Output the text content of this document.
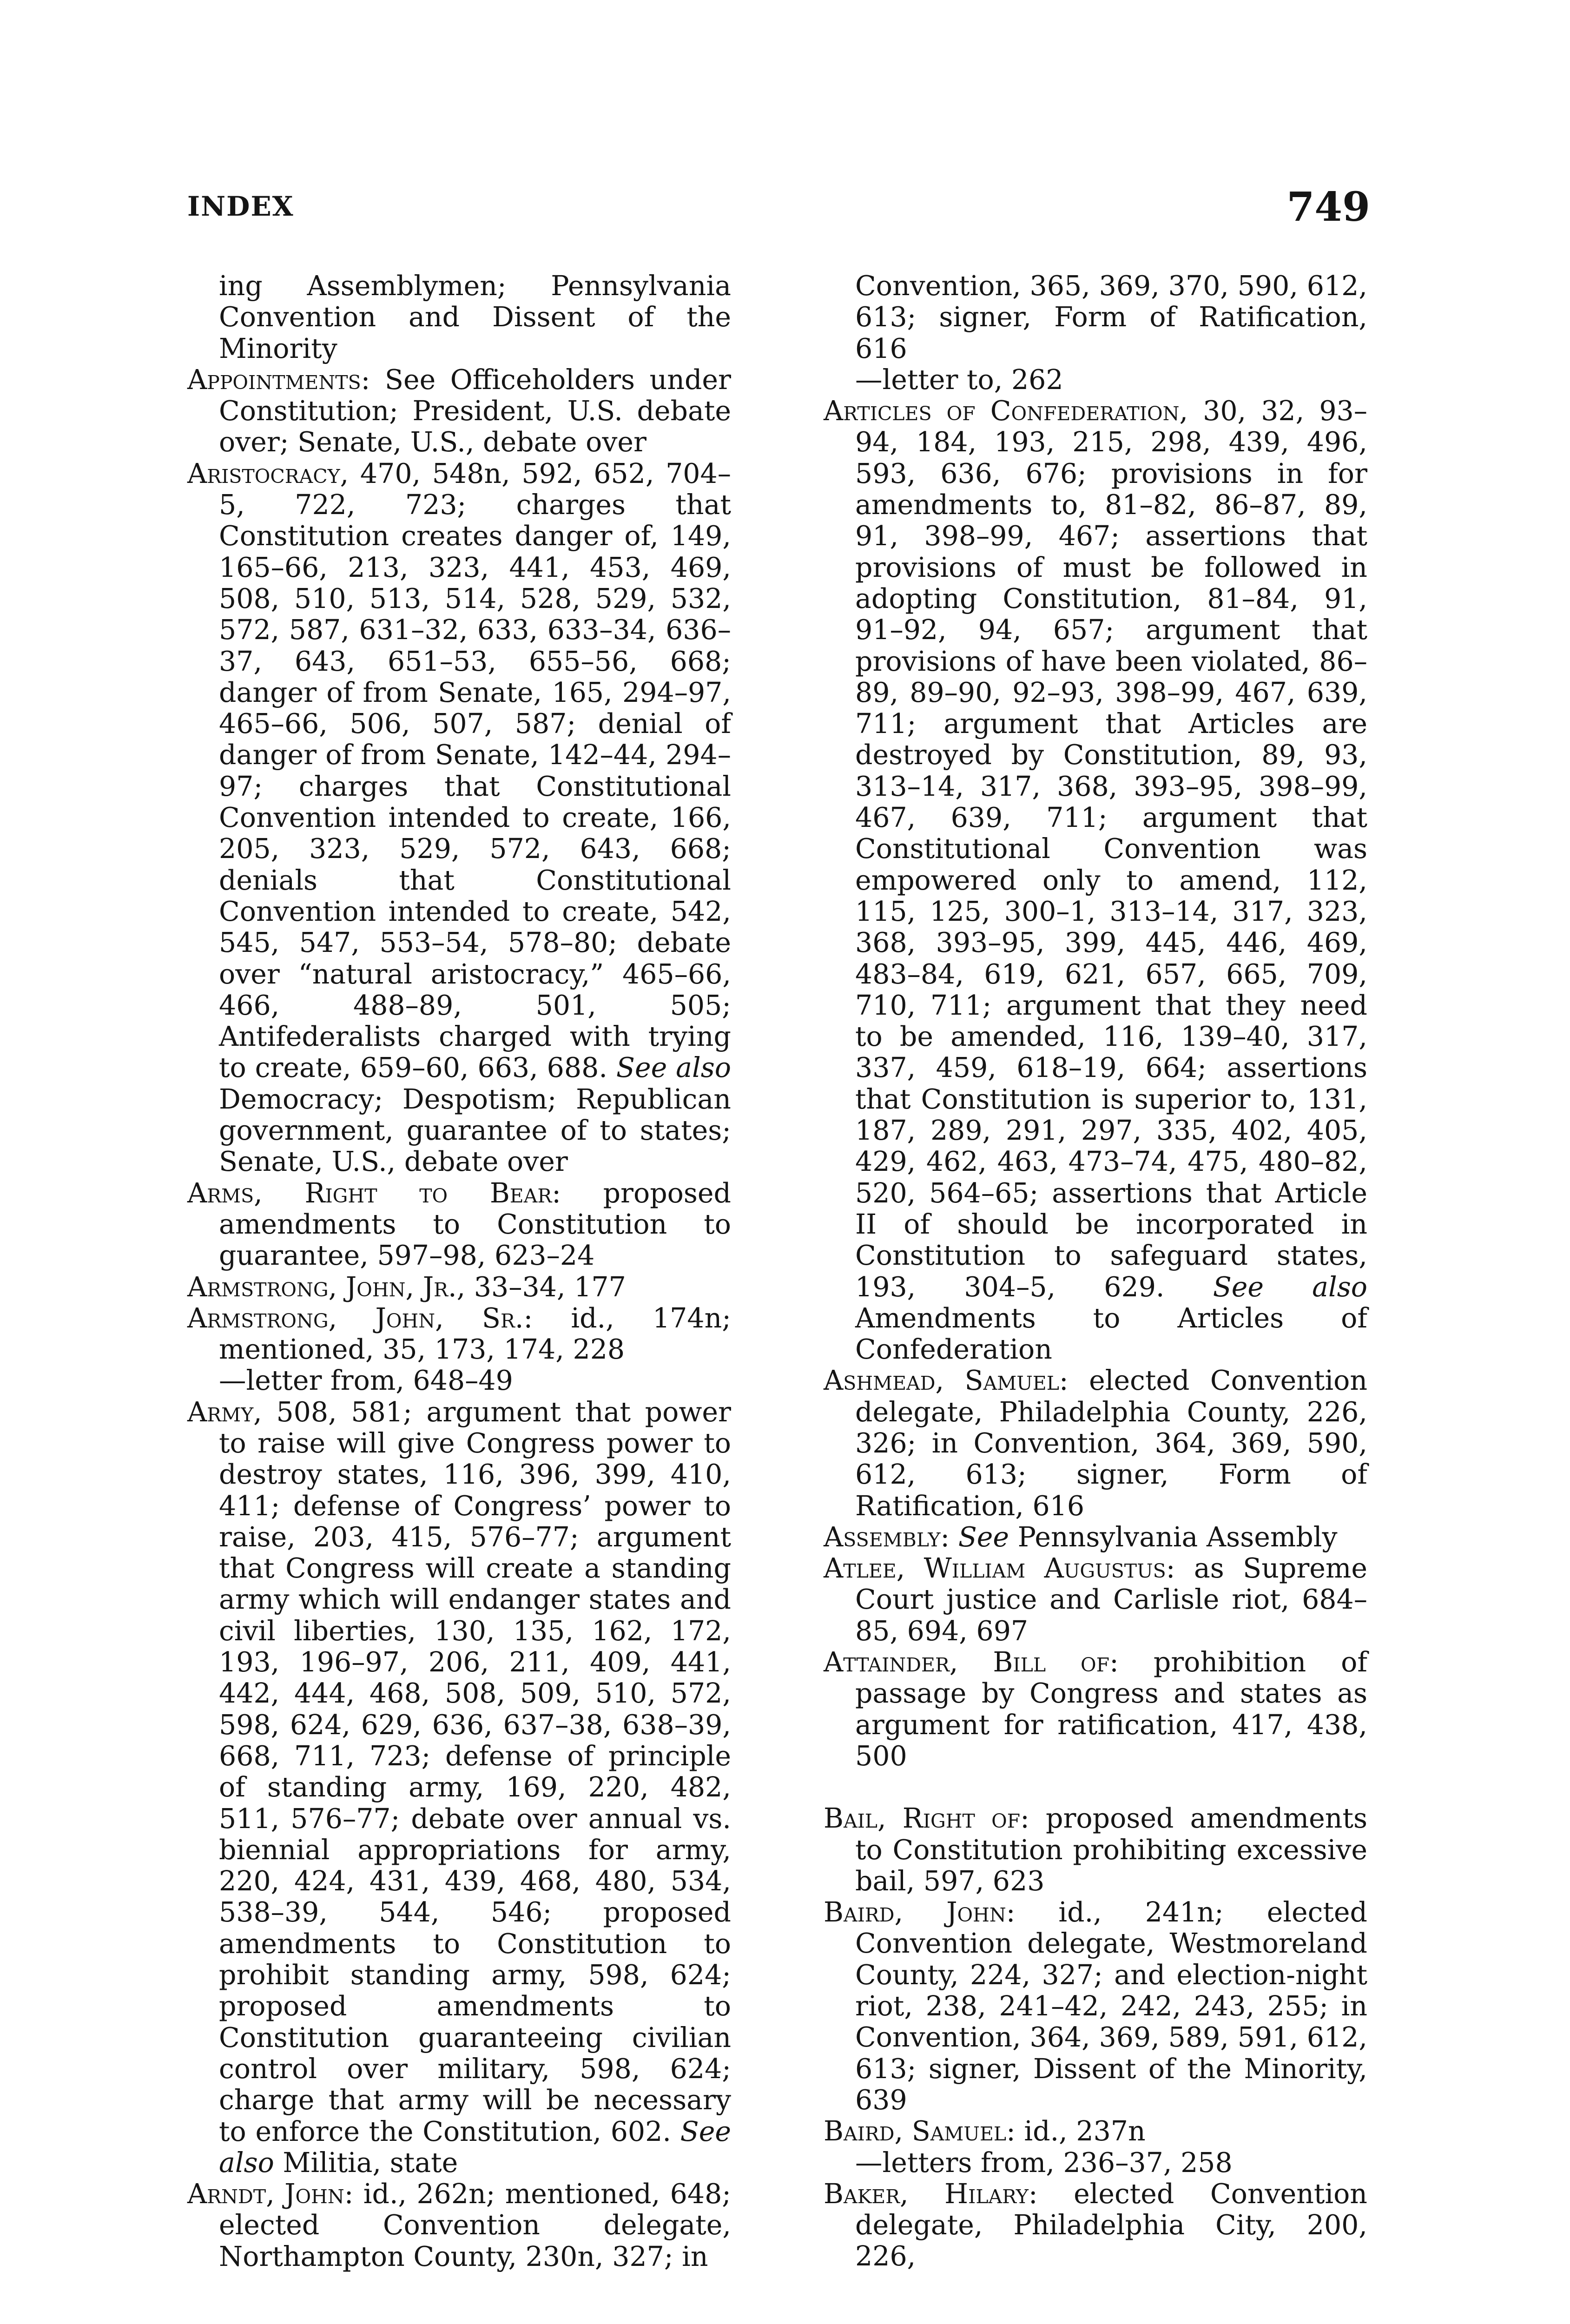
INDEX	749
ing Assemblymen; Pennsylvania Convention and Dissent of the Minority
Appointments: See Officeholders under Constitution; President, U.S. debate over; Senate, U.S., debate over
Aristocracy, 470, 548n, 592, 652, 704–5, 722, 723; charges that Constitution creates danger of, 149, 165–66, 213, 323, 441, 453, 469, 508, 510, 513, 514, 528, 529, 532, 572, 587, 631–32, 633, 633–34, 636–37, 643, 651–53, 655–56, 668; danger of from Senate, 165, 294–97, 465–66, 506, 507, 587; denial of danger of from Senate, 142–44, 294–97; charges that Constitutional Convention intended to create, 166, 205, 323, 529, 572, 643, 668; denials that Constitutional Convention intended to create, 542, 545, 547, 553–54, 578–80; debate over “natural aristocracy,” 465–66, 466, 488–89, 501, 505; Antifederalists charged with trying to create, 659–60, 663, 688. See also Democracy; Despotism; Republican government, guarantee of to states; Senate, U.S., debate over
Arms, Right to Bear: proposed amendments to Constitution to guarantee, 597–98, 623–24
Armstrong, John, Jr., 33–34, 177
Armstrong, John, Sr.: id., 174n; mentioned, 35, 173, 174, 228
—letter from, 648–49
Army, 508, 581; argument that power to raise will give Congress power to destroy states, 116, 396, 399, 410, 411; defense of Congress’ power to raise, 203, 415, 576–77; argument that Congress will create a standing army which will endanger states and civil liberties, 130, 135, 162, 172, 193, 196–97, 206, 211, 409, 441, 442, 444, 468, 508, 509, 510, 572, 598, 624, 629, 636, 637–38, 638–39, 668, 711, 723; defense of principle of standing army, 169, 220, 482, 511, 576–77; debate over annual vs. biennial appropriations for army, 220, 424, 431, 439, 468, 480, 534, 538–39, 544, 546; proposed amendments to Constitution to prohibit standing army, 598, 624; proposed amendments to Constitution guaranteeing civilian control over military, 598, 624; charge that army will be necessary to enforce the Constitution, 602. See also Militia, state
Arndt, John: id., 262n; mentioned, 648; elected Convention delegate, Northampton County, 230n, 327; in
Convention, 365, 369, 370, 590, 612, 613; signer, Form of Ratification, 616
—letter to, 262
Articles of Confederation, 30, 32, 93–94, 184, 193, 215, 298, 439, 496, 593, 636, 676; provisions in for amendments to, 81–82, 86–87, 89, 91, 398–99, 467; assertions that provisions of must be followed in adopting Constitution, 81–84, 91, 91–92, 94, 657; argument that provisions of have been violated, 86–89, 89–90, 92–93, 398–99, 467, 639, 711; argument that Articles are destroyed by Constitution, 89, 93, 313–14, 317, 368, 393–95, 398–99, 467, 639, 711; argument that Constitutional Convention was empowered only to amend, 112, 115, 125, 300–1, 313–14, 317, 323, 368, 393–95, 399, 445, 446, 469, 483–84, 619, 621, 657, 665, 709, 710, 711; argument that they need to be amended, 116, 139–40, 317, 337, 459, 618–19, 664; assertions that Constitution is superior to, 131, 187, 289, 291, 297, 335, 402, 405, 429, 462, 463, 473–74, 475, 480–82, 520, 564–65; assertions that Article II of should be incorporated in Constitution to safeguard states, 193, 304–5, 629. See also Amendments to Articles of Confederation
Ashmead, Samuel: elected Convention delegate, Philadelphia County, 226, 326; in Convention, 364, 369, 590, 612, 613; signer, Form of Ratification, 616
Assembly: See Pennsylvania Assembly
Atlee, William Augustus: as Supreme Court justice and Carlisle riot, 684–85, 694, 697
Attainder, Bill of: prohibition of passage by Congress and states as argument for ratification, 417, 438, 500
Bail, Right of: proposed amendments to Constitution prohibiting excessive bail, 597, 623
Baird, John: id., 241n; elected Convention delegate, Westmoreland County, 224, 327; and election-night riot, 238, 241–42, 242, 243, 255; in Convention, 364, 369, 589, 591, 612, 613; signer, Dissent of the Minority, 639
Baird, Samuel: id., 237n
—letters from, 236–37, 258
Baker, Hilary: elected Convention delegate, Philadelphia City, 200, 226,
